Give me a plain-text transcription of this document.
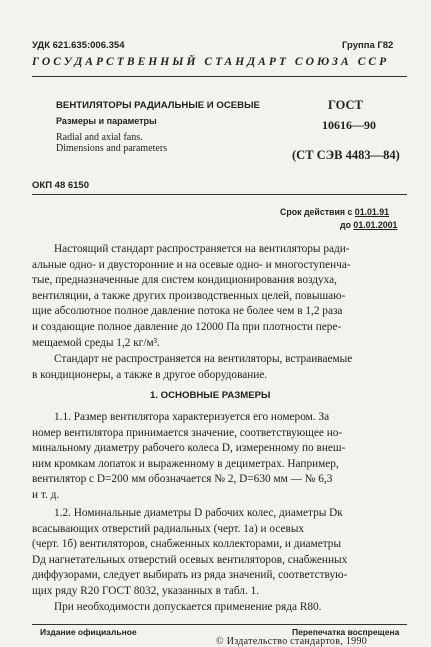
УДК 621.635:006.354	Группа Г82
ГОСУДАРСТВЕННЫЙ СТАНДАРТ СОЮЗА ССР
ВЕНТИЛЯТОРЫ РАДИАЛЬНЫЕ И ОСЕВЫЕ
Размеры и параметры
Radial and axial fans.
Dimensions and parameters
ГОСТ
10616—90
(СТ СЭВ 4483—84)
ОКП 48 6150
Срок действия с 01.01.91
до 01.01.2001
Настоящий стандарт распространяется на вентиляторы ради-
альные одно- и двусторонние и на осевые одно- и многоступенча-
тые, предназначенные для систем кондиционирования воздуха,
вентиляции, а также других производственных целей, повышаю-
щие абсолютное полное давление потока не более чем в 1,2 раза
и создающие полное давление до 12000 Па при плотности пере-
мещаемой среды 1,2 кг/м³.
Стандарт не распространяется на вентиляторы, встраиваемые
в кондиционеры, а также в другое оборудование.
1. ОСНОВНЫЕ РАЗМЕРЫ
1.1. Размер вентилятора характеризуется его номером. За
номер вентилятора принимается значение, соответствующее но-
минальному диаметру рабочего колеса D, измеренному по внеш-
ним кромкам лопаток и выраженному в дециметрах. Например,
вентилятор с D=200 мм обозначается № 2, D=630 мм — № 6,3
и т. д.
1.2. Номинальные диаметры D рабочих колес, диаметры Dк
всасывающих отверстий радиальных (черт. 1а) и осевых
(черт. 1б) вентиляторов, снабженных коллекторами, и диаметры
Dд нагнетательных отверстий осевых вентиляторов, снабженных
диффузорами, следует выбирать из ряда значений, соответствую-
щих ряду R20 ГОСТ 8032, указанных в табл. 1.
При необходимости допускается применение ряда R80.
Издание официальное	Перепечатка воспрещена
© Издательство стандартов, 1990
